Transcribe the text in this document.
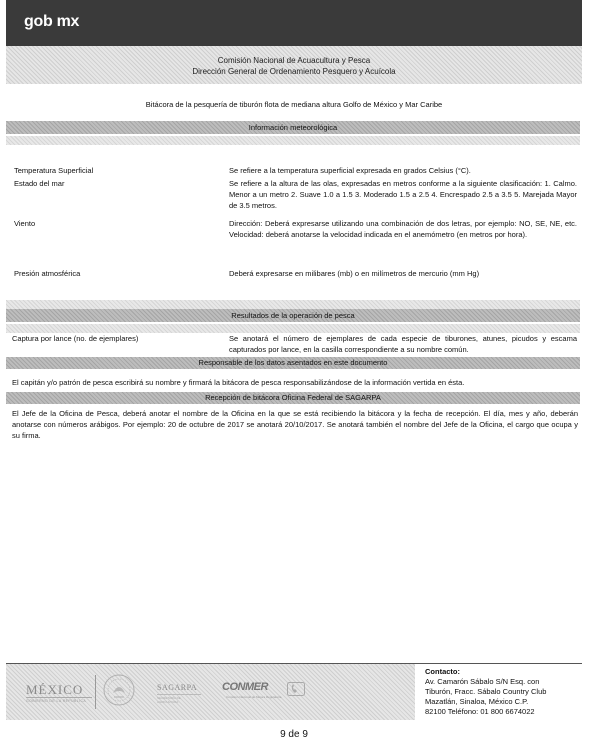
gob mx
Comisión Nacional de Acuacultura y Pesca
Dirección General de Ordenamiento Pesquero y Acuícola
Bitácora de la pesquería de tiburón flota de mediana altura Golfo de México y Mar Caribe
Información meteorológica
Temperatura Superficial	Se refiere a la temperatura superficial expresada en grados Celsius (°C).
Estado del mar	Se refiere a la altura de las olas, expresadas en metros conforme a la siguiente clasificación: 1. Calmo. Menor a un metro 2. Suave 1.0 a 1.5 3. Moderado 1.5 a 2.5 4. Encrespado 2.5 a 3.5 5. Marejada Mayor de 3.5 metros.
Viento	Dirección: Deberá expresarse utilizando una combinación de dos letras, por ejemplo: NO, SE, NE, etc. Velocidad: deberá anotarse la velocidad indicada en el anemómetro (en metros por hora).
Presión atmosférica	Deberá expresarse en milibares (mb) o en milímetros de mercurio (mm Hg)
Resultados de la operación de pesca
Captura por lance (no. de ejemplares)	Se anotará el número de ejemplares de cada especie de tiburones, atunes, picudos y escama capturados por lance, en la casilla correspondiente a su nombre común.
Responsable de los datos asentados en este documento
El capitán y/o patrón de pesca escribirá su nombre y firmará la bitácora de pesca responsabilizándose de la información vertida en ésta.
Recepción de bitácora Oficina Federal de SAGARPA
El Jefe de la Oficina de Pesca, deberá anotar el nombre de la Oficina en la que se está recibiendo la bitácora y la fecha de recepción. El día, mes y año, deberán anotarse con números arábigos. Por ejemplo: 20 de octubre de 2017 se anotará 20/10/2017. Se anotará también el nombre del Jefe de la Oficina, el cargo que ocupa y su firma.
MÉXICO
GOBIERNO DE LA REPÚBLICA
SAGARPA
SECRETARÍA DE AGRICULTURA
CONMER
Comisión Nacional de Mejora Regulatoria
Contacto:
Av. Camarón Sábalo S/N Esq. con
Tiburón, Fracc. Sábalo Country Club
Mazatlán, Sinaloa, México C.P.
82100 Teléfono: 01 800 6674022
9 de 9
